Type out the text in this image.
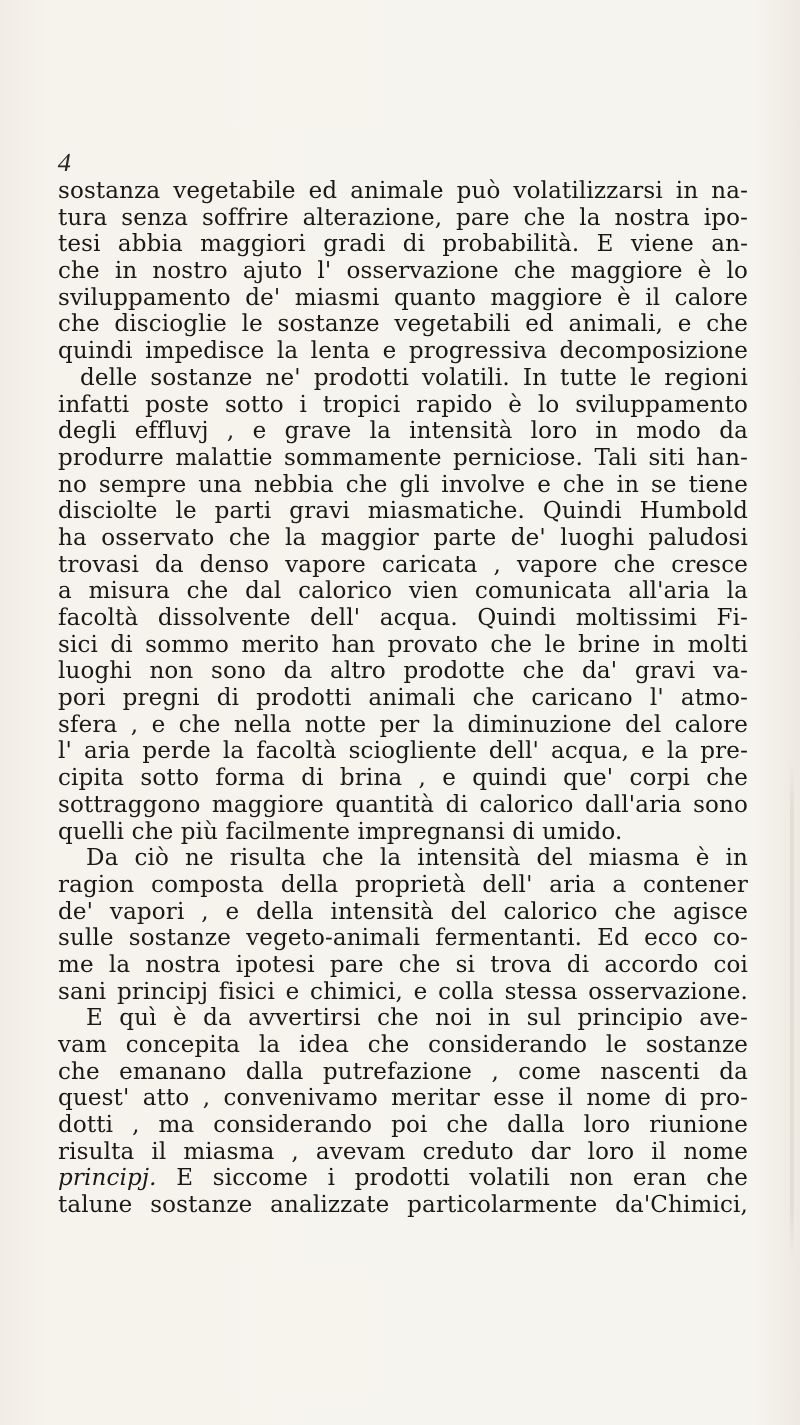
4
sostanza vegetabile ed animale può volatilizzarsi in na-
tura senza soffrire alterazione, pare che la nostra ipo-
tesi abbia maggiori gradi di probabilità. E viene an-
che in nostro ajuto l' osservazione che maggiore è lo
sviluppamento de' miasmi quanto maggiore è il calore
che discioglie le sostanze vegetabili ed animali, e che
quindi impedisce la lenta e progressiva decomposizione
delle sostanze ne' prodotti volatili. In tutte le regioni
infatti poste sotto i tropici rapido è lo sviluppamento
degli effluvj , e grave la intensità loro in modo da
produrre malattie sommamente perniciose. Tali siti han-
no sempre una nebbia che gli involve e che in se tiene
disciolte le parti gravi miasmatiche. Quindi Humbold
ha osservato che la maggior parte de' luoghi paludosi
trovasi da denso vapore caricata , vapore che cresce
a misura che dal calorico vien comunicata all'aria la
facoltà dissolvente dell' acqua. Quindi moltissimi Fi-
sici di sommo merito han provato che le brine in molti
luoghi non sono da altro prodotte che da' gravi va-
pori pregni di prodotti animali che caricano l' atmo-
sfera , e che nella notte per la diminuzione del calore
l' aria perde la facoltà sciogliente dell' acqua, e la pre-
cipita sotto forma di brina , e quindi que' corpi che
sottraggono maggiore quantità di calorico dall'aria sono
quelli che più facilmente impregnansi di umido.
Da ciò ne risulta che la intensità del miasma è in
ragion composta della proprietà dell' aria a contener
de' vapori , e della intensità del calorico che agisce
sulle sostanze vegeto-animali fermentanti. Ed ecco co-
me la nostra ipotesi pare che si trova di accordo coi
sani principj fisici e chimici, e colla stessa osservazione.
E quì è da avvertirsi che noi in sul principio ave-
vam concepita la idea che considerando le sostanze
che emanano dalla putrefazione , come nascenti da
quest' atto , convenivamo meritar esse il nome di pro-
dotti , ma considerando poi che dalla loro riunione
risulta il miasma , avevam creduto dar loro il nome
principj. E siccome i prodotti volatili non eran che
talune sostanze analizzate particolarmente da'Chimici,
